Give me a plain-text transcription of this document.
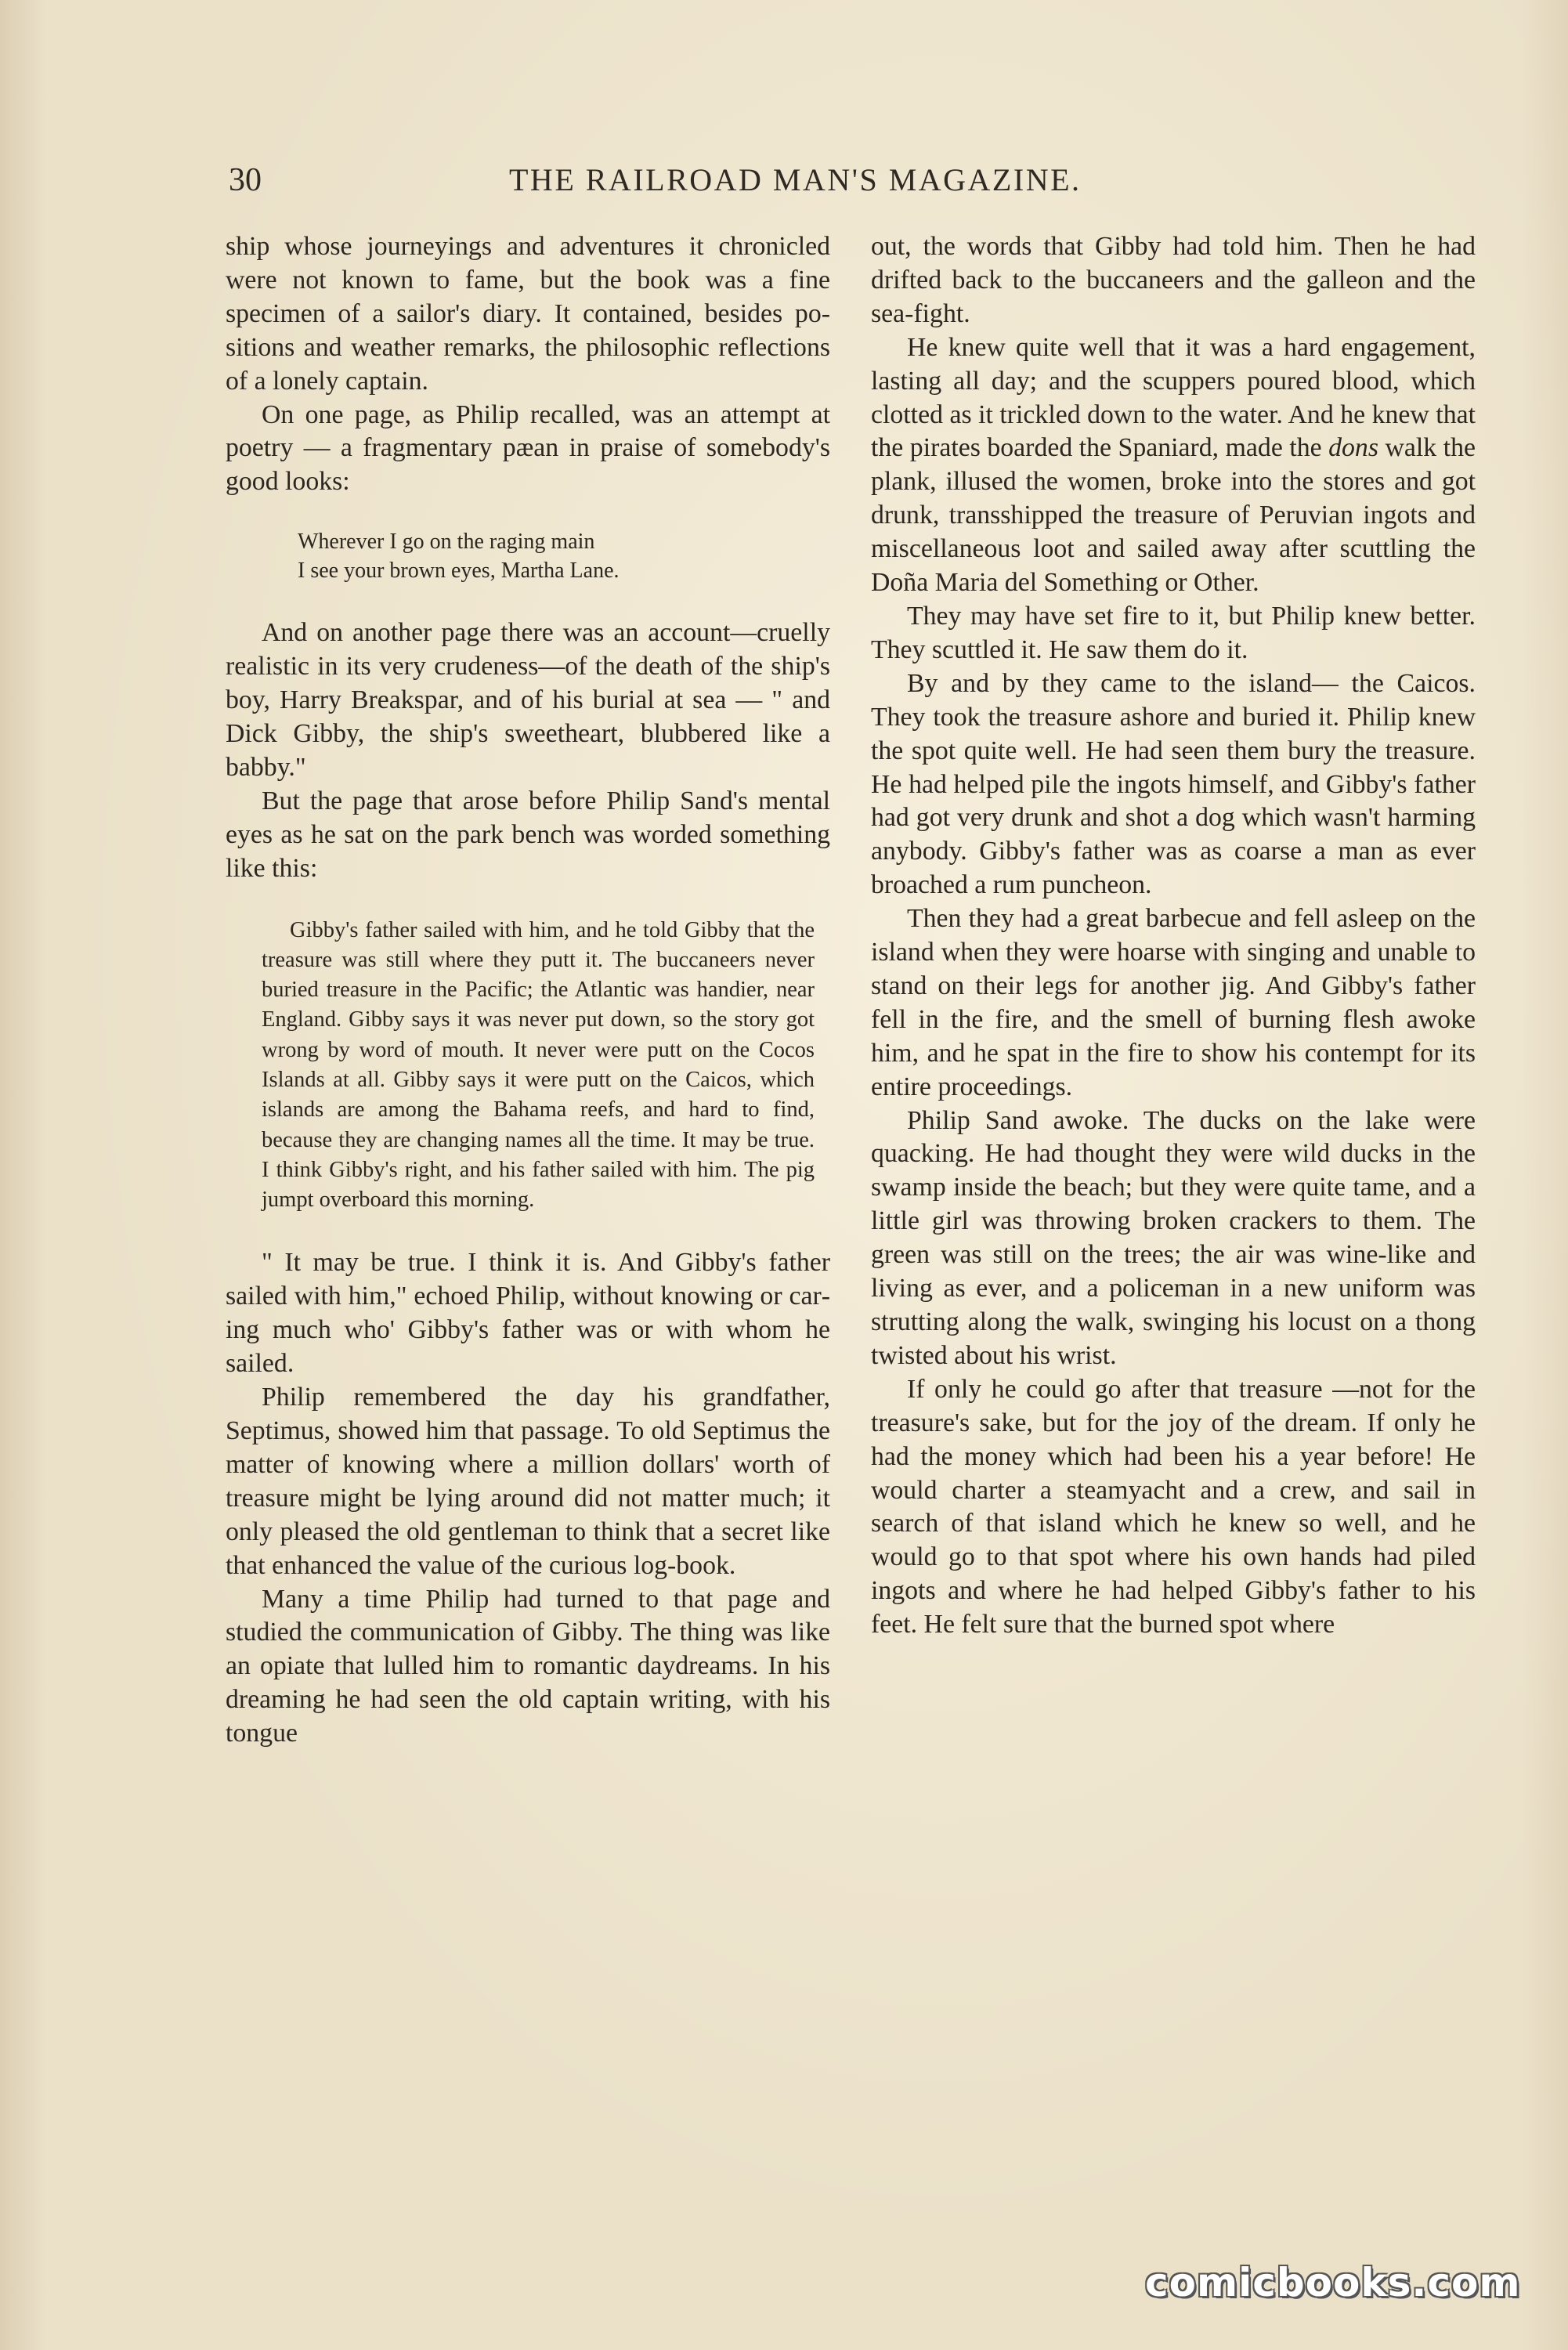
30	THE RAILROAD MAN'S MAGAZINE.

ship whose journeyings and adventures it chronicled were not known to fame, but the book was a fine specimen of a sailor's diary. It contained, besides positions and weather remarks, the philosophic reflections of a lonely captain.

On one page, as Philip recalled, was an attempt at poetry — a fragmentary pæan in praise of somebody's good looks:

Wherever I go on the raging main
I see your brown eyes, Martha Lane.

And on another page there was an account—cruelly realistic in its very crudeness—of the death of the ship's boy, Harry Breakspar, and of his burial at sea — " and Dick Gibby, the ship's sweetheart, blubbered like a babby."

But the page that arose before Philip Sand's mental eyes as he sat on the park bench was worded something like this:

Gibby's father sailed with him, and he told Gibby that the treasure was still where they putt it. The buccaneers never buried treasure in the Pacific; the Atlantic was handier, near England. Gibby says it was never put down, so the story got wrong by word of mouth. It never were putt on the Cocos Islands at all. Gibby says it were putt on the Caicos, which islands are among the Bahama reefs, and hard to find, because they are changing names all the time. It may be true. I think Gibby's right, and his father sailed with him. The pig jumpt overboard this morning.

" It may be true. I think it is. And Gibby's father sailed with him," echoed Philip, without knowing or caring much who' Gibby's father was or with whom he sailed.

Philip remembered the day his grandfather, Septimus, showed him that passage. To old Septimus the matter of knowing where a million dollars' worth of treasure might be lying around did not matter much; it only pleased the old gentleman to think that a secret like that enhanced the value of the curious log-book.

Many a time Philip had turned to that page and studied the communication of Gibby. The thing was like an opiate that lulled him to romantic daydreams. In his dreaming he had seen the old captain writing, with his tongue

out, the words that Gibby had told him. Then he had drifted back to the buccaneers and the galleon and the sea-fight.

He knew quite well that it was a hard engagement, lasting all day; and the scuppers poured blood, which clotted as it trickled down to the water. And he knew that the pirates boarded the Spaniard, made the dons walk the plank, illused the women, broke into the stores and got drunk, transshipped the treasure of Peruvian ingots and miscellaneous loot and sailed away after scuttling the Doña Maria del Something or Other.

They may have set fire to it, but Philip knew better. They scuttled it. He saw them do it.

By and by they came to the island— the Caicos. They took the treasure ashore and buried it. Philip knew the spot quite well. He had seen them bury the treasure. He had helped pile the ingots himself, and Gibby's father had got very drunk and shot a dog which wasn't harming anybody. Gibby's father was as coarse a man as ever broached a rum puncheon.

Then they had a great barbecue and fell asleep on the island when they were hoarse with singing and unable to stand on their legs for another jig. And Gibby's father fell in the fire, and the smell of burning flesh awoke him, and he spat in the fire to show his contempt for its entire proceedings.

Philip Sand awoke. The ducks on the lake were quacking. He had thought they were wild ducks in the swamp inside the beach; but they were quite tame, and a little girl was throwing broken crackers to them. The green was still on the trees; the air was wine-like and living as ever, and a policeman in a new uniform was strutting along the walk, swinging his locust on a thong twisted about his wrist.

If only he could go after that treasure —not for the treasure's sake, but for the joy of the dream. If only he had the money which had been his a year before! He would charter a steamyacht and a crew, and sail in search of that island which he knew so well, and he would go to that spot where his own hands had piled ingots and where he had helped Gibby's father to his feet. He felt sure that the burned spot where

comicbooks.com
